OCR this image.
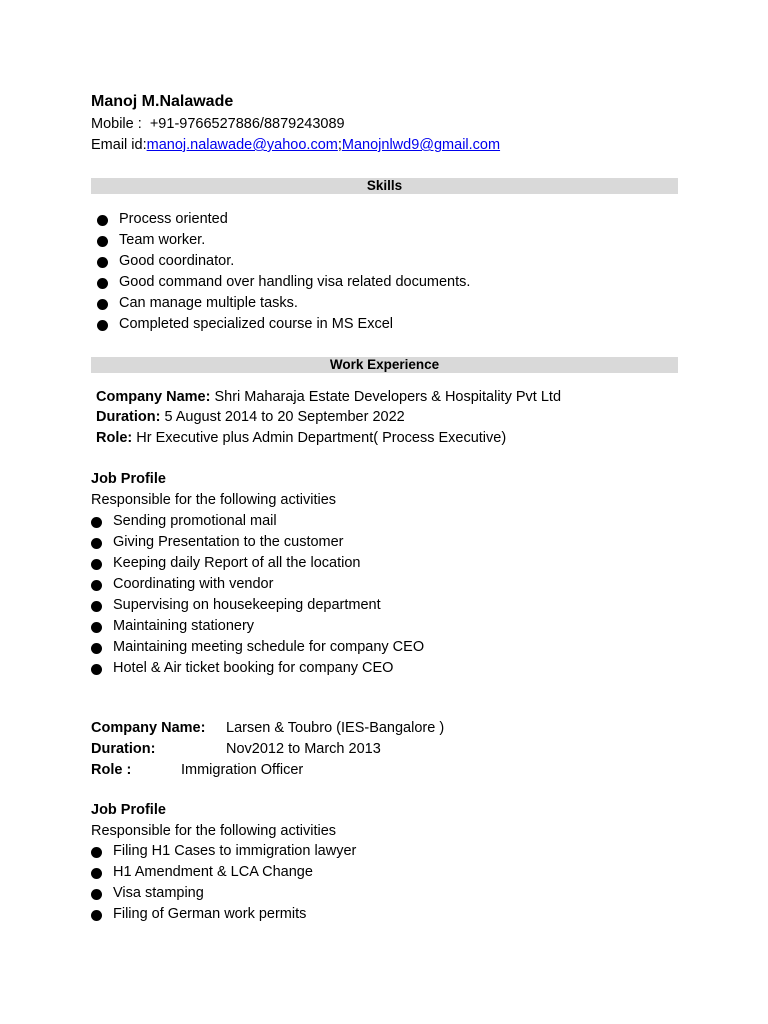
Manoj M.Nalawade
Mobile : +91-9766527886/8879243089
Email id:manoj.nalawade@yahoo.com;Manojnlwd9@gmail.com
Skills
Process oriented
Team worker.
Good coordinator.
Good command over handling visa related documents.
Can manage multiple tasks.
Completed specialized course in MS Excel
Work Experience
Company Name: Shri Maharaja Estate Developers & Hospitality Pvt Ltd
Duration: 5 August 2014 to 20 September 2022
Role: Hr Executive plus Admin Department( Process Executive)
Job Profile
Responsible for the following activities
Sending promotional mail
Giving Presentation to the customer
Keeping daily Report of all the location
Coordinating with vendor
Supervising on housekeeping department
Maintaining stationery
Maintaining meeting schedule for company CEO
Hotel & Air ticket booking for company CEO
Company Name: Larsen & Toubro (IES-Bangalore )
Duration:	Nov2012 to March 2013
Role :	Immigration Officer
Job Profile
Responsible for the following activities
Filing H1 Cases to immigration lawyer
H1 Amendment & LCA Change
Visa stamping
Filing of German work permits
